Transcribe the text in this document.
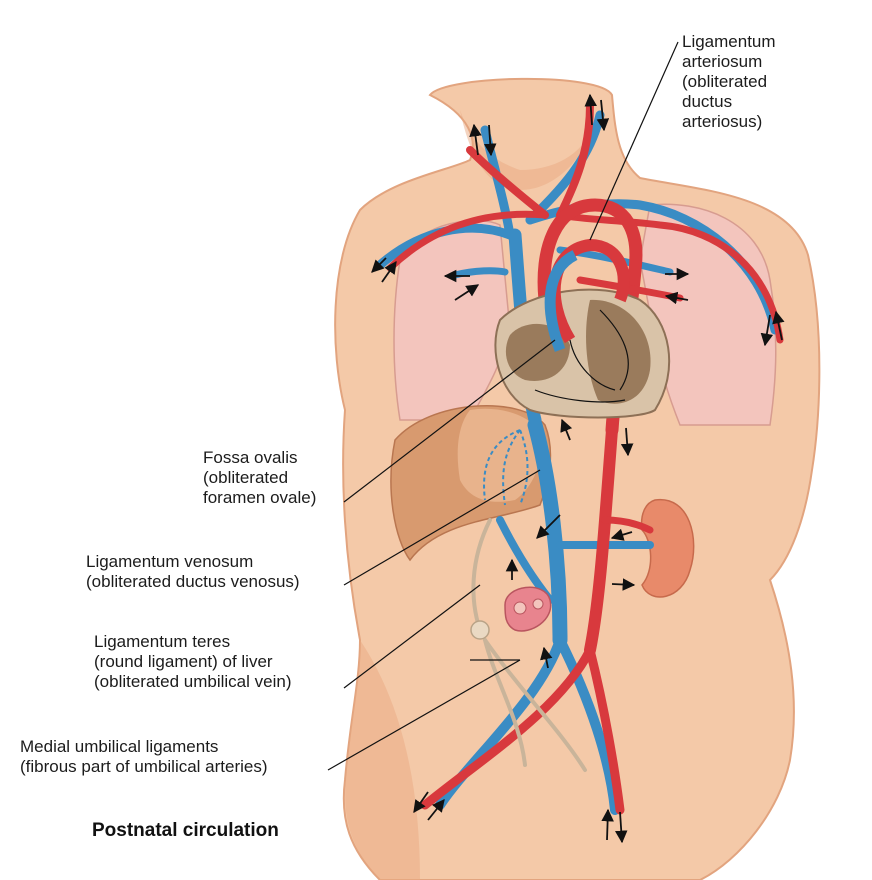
Ligamentum
arteriosum
(obliterated
ductus
arteriosus)
Fossa ovalis
(obliterated
foramen ovale)
Ligamentum venosum
(obliterated ductus venosus)
Ligamentum teres
(round ligament) of liver
(obliterated umbilical vein)
Medial umbilical ligaments
(fibrous part of umbilical arteries)
Postnatal circulation
